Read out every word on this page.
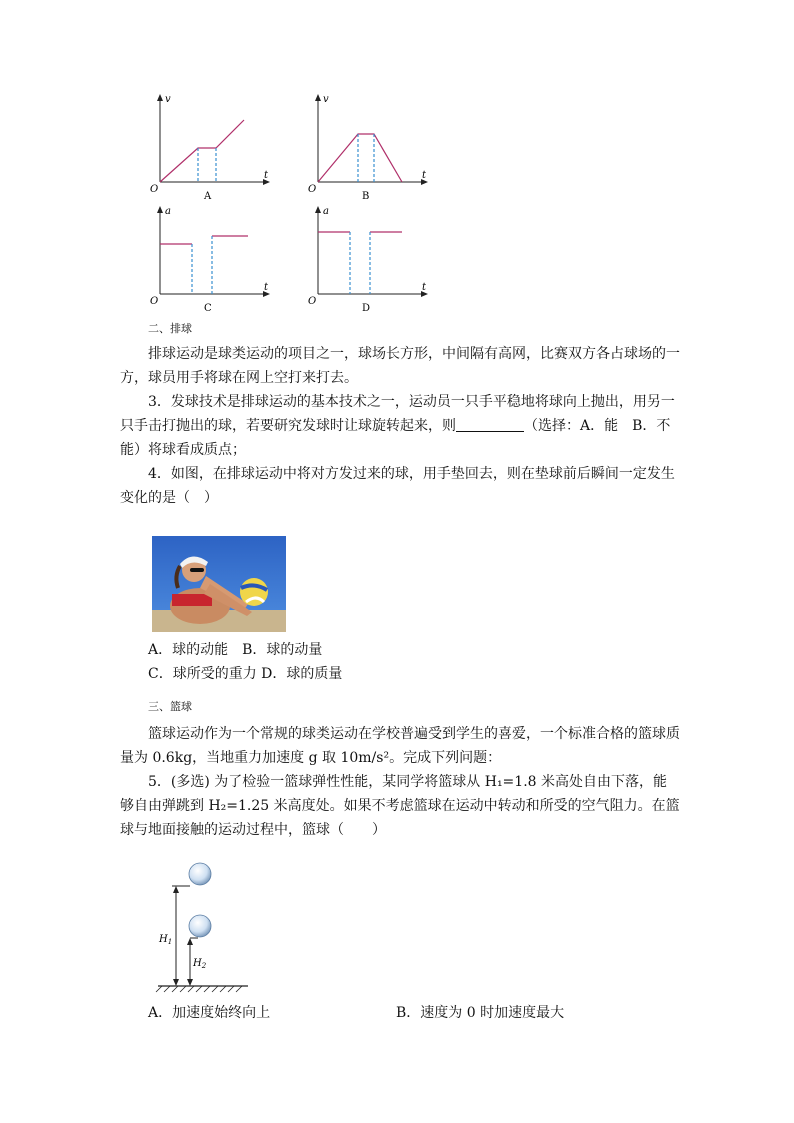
v
t
O
A
v
t
O
B
a
t
O
C
a
t
O
D
二、排球

排球运动是球类运动的项目之一，球场长方形，中间隔有高网，比赛双方各占球场的一方，球员用手将球在网上空打来打去。

3．发球技术是排球运动的基本技术之一，运动员一只手平稳地将球向上抛出，用另一只手击打抛出的球，若要研究发球时让球旋转起来，则	（选择：A．能　B．不能）将球看成质点；

4．如图，在排球运动中将对方发过来的球，用手垫回去，则在垫球前后瞬间一定发生变化的是（　）

A．球的动能　B．球的动量

C．球所受的重力 D．球的质量

三、篮球

篮球运动作为一个常规的球类运动在学校普遍受到学生的喜爱，一个标准合格的篮球质量为 0.6kg，当地重力加速度 g 取 10m/s²。完成下列问题：

5．(多选) 为了检验一篮球弹性性能，某同学将篮球从 H₁=1.8 米高处自由下落，能够自由弹跳到 H₂=1.25 米高度处。如果不考虑篮球在运动中转动和所受的空气阻力。在篮球与地面接触的运动过程中，篮球（　　）

$H_1$
$H_2$
A．加速度始终向上	B．速度为 0 时加速度最大
